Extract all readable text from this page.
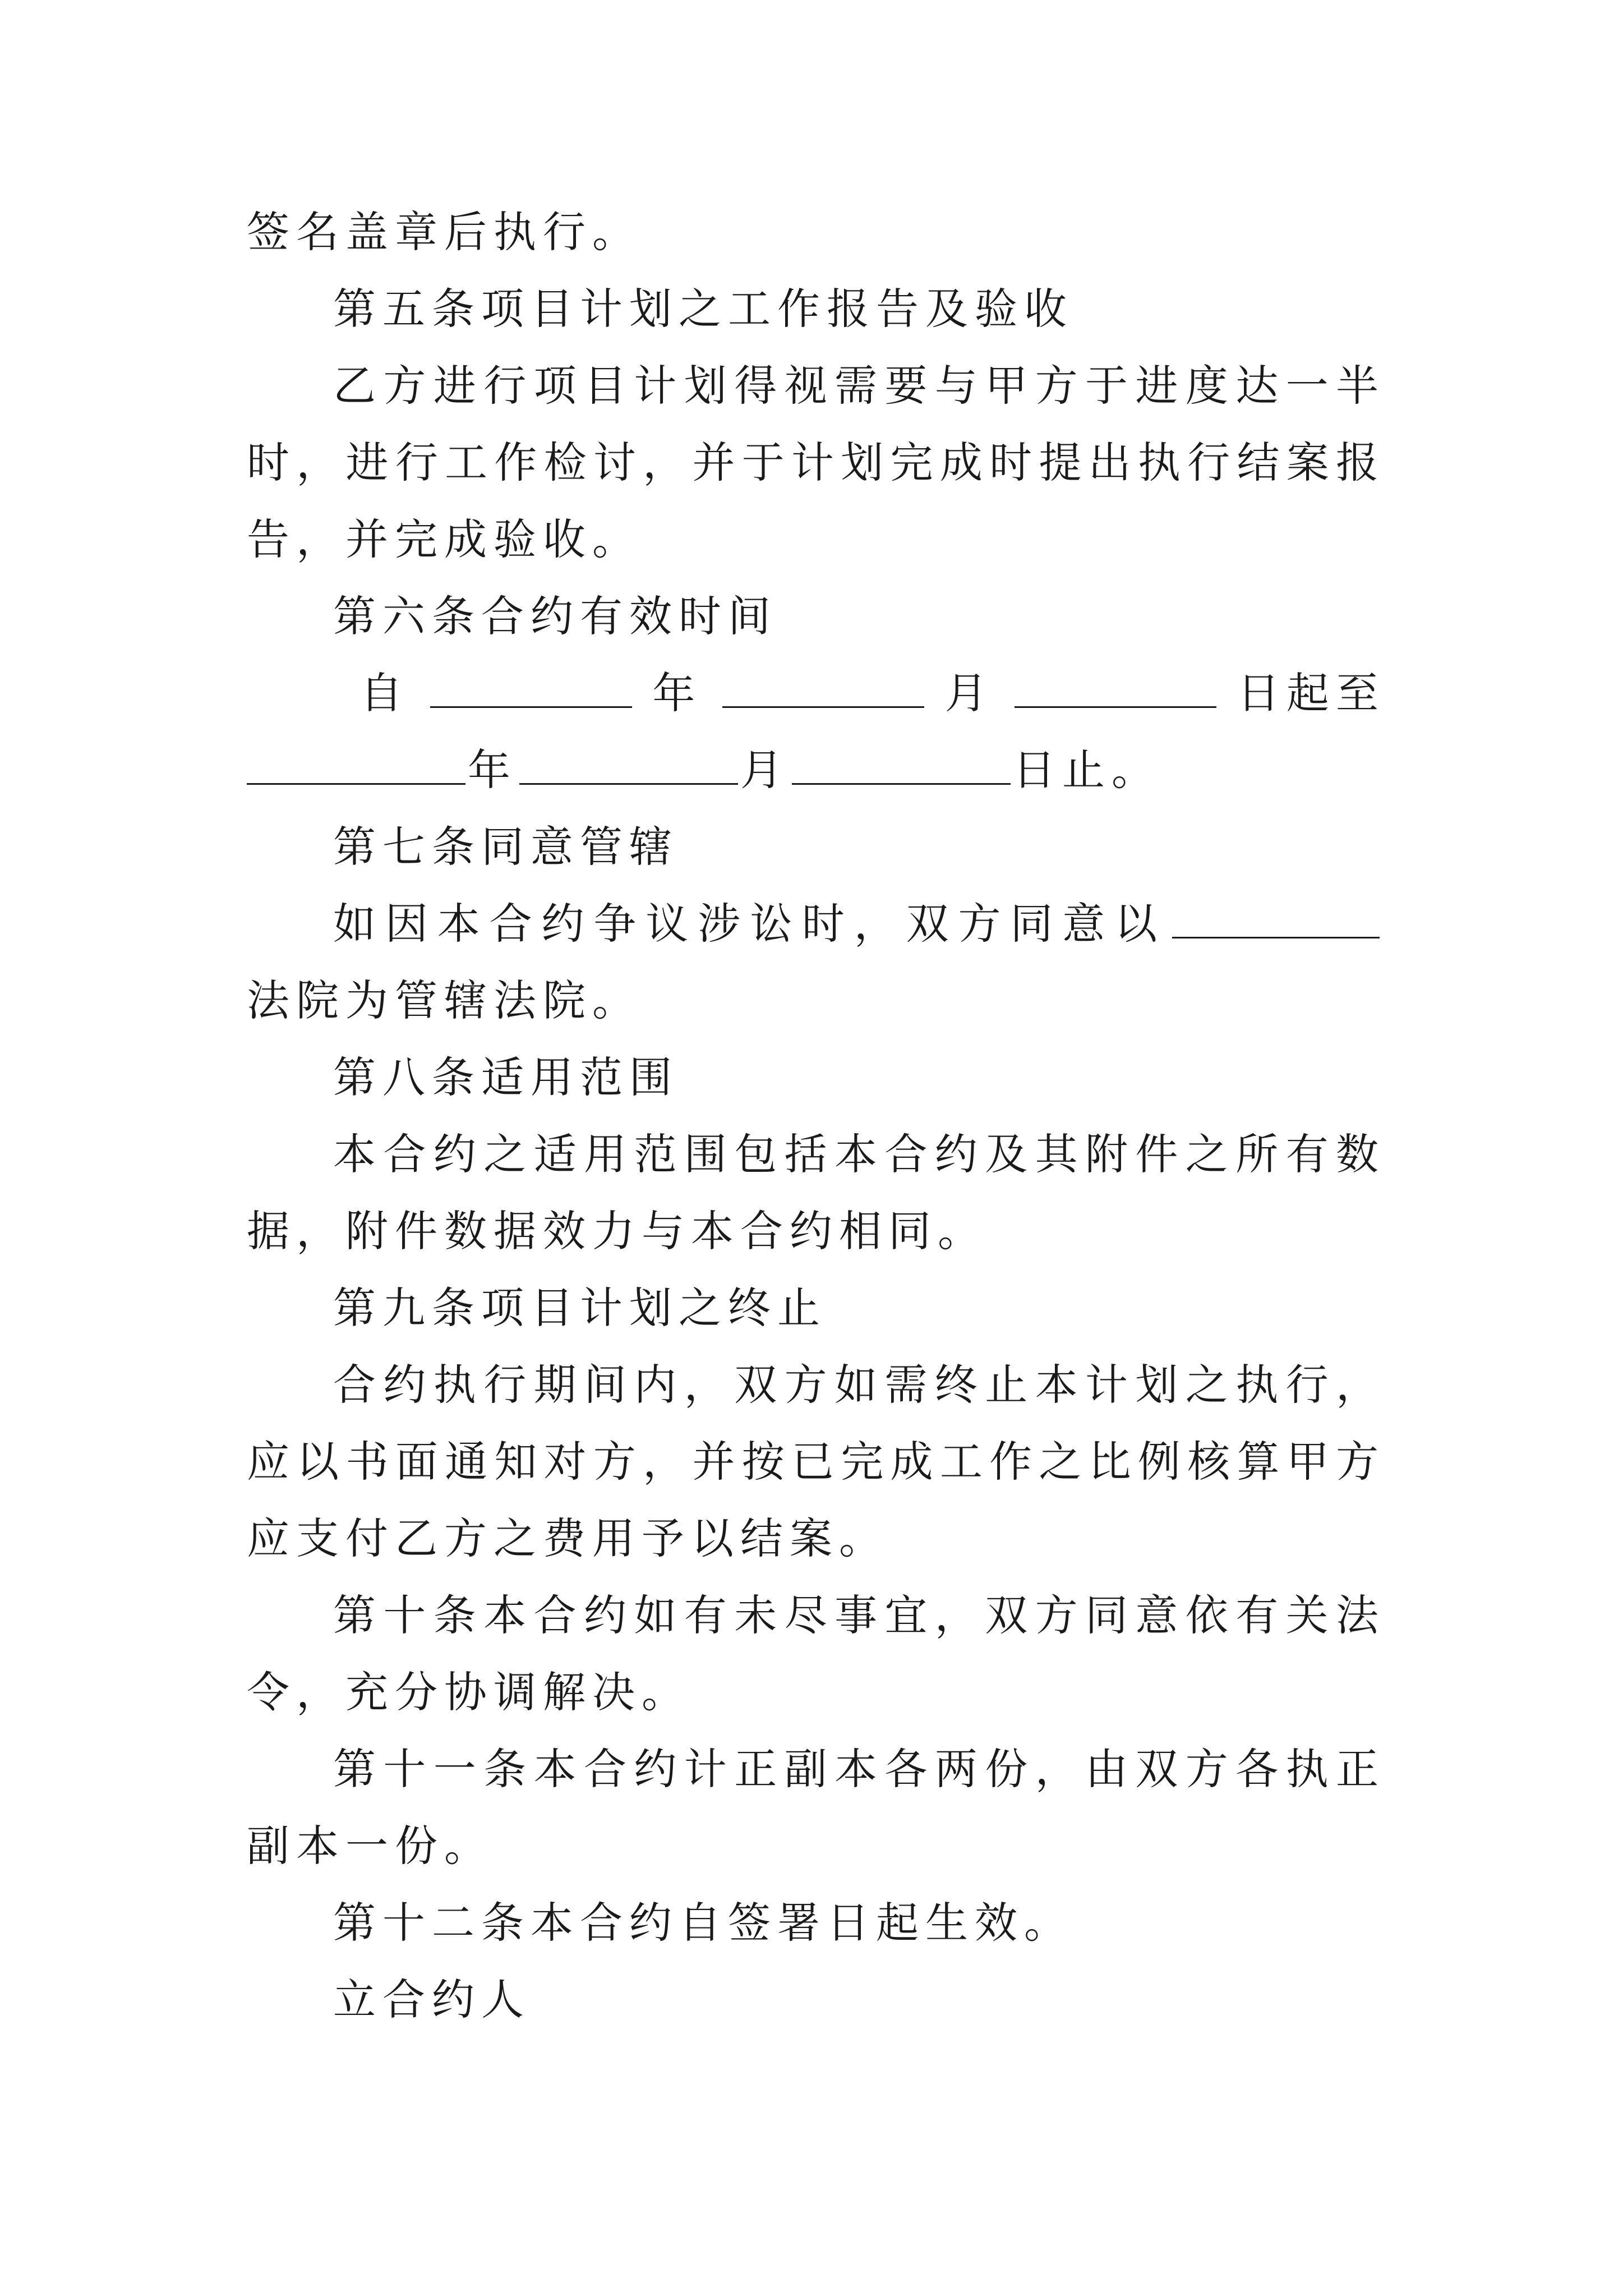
签名盖章后执行。

第五条项目计划之工作报告及验收

乙方进行项目计划得视需要与甲方于进度达一半时，进行工作检讨，并于计划完成时提出执行结案报告，并完成验收。

第六条合约有效时间

自	年	月	日起至

年	月	日止。

第七条同意管辖

如因本合约争议涉讼时，双方同意以法院为管辖法院。

第八条适用范围

本合约之适用范围包括本合约及其附件之所有数据，附件数据效力与本合约相同。

第九条项目计划之终止

合约执行期间内，双方如需终止本计划之执行，应以书面通知对方，并按已完成工作之比例核算甲方应支付乙方之费用予以结案。

第十条本合约如有未尽事宜，双方同意依有关法令，充分协调解决。

第十一条本合约计正副本各两份，由双方各执正副本一份。

第十二条本合约自签署日起生效。

立合约人
